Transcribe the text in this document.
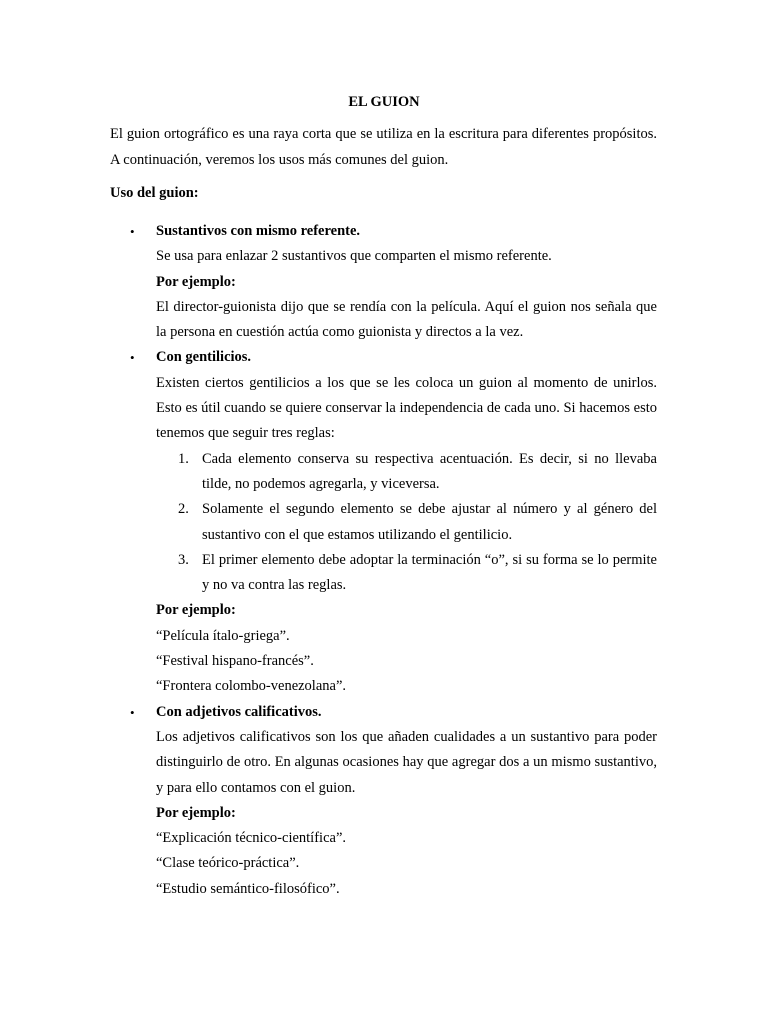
EL GUION

El guion ortográfico es una raya corta que se utiliza en la escritura para diferentes propósitos. A continuación, veremos los usos más comunes del guion.

Uso del guion:

• Sustantivos con mismo referente.
Se usa para enlazar 2 sustantivos que comparten el mismo referente.
Por ejemplo:
El director-guionista dijo que se rendía con la película. Aquí el guion nos señala que la persona en cuestión actúa como guionista y directos a la vez.
• Con gentilicios.
Existen ciertos gentilicios a los que se les coloca un guion al momento de unirlos. Esto es útil cuando se quiere conservar la independencia de cada uno. Si hacemos esto tenemos que seguir tres reglas:
1. Cada elemento conserva su respectiva acentuación. Es decir, si no llevaba tilde, no podemos agregarla, y viceversa.
2. Solamente el segundo elemento se debe ajustar al número y al género del sustantivo con el que estamos utilizando el gentilicio.
3. El primer elemento debe adoptar la terminación “o”, si su forma se lo permite y no va contra las reglas.
Por ejemplo:
“Película ítalo-griega”.
“Festival hispano-francés”.
“Frontera colombo-venezolana”.
• Con adjetivos calificativos.
Los adjetivos calificativos son los que añaden cualidades a un sustantivo para poder distinguirlo de otro. En algunas ocasiones hay que agregar dos a un mismo sustantivo, y para ello contamos con el guion.
Por ejemplo:
“Explicación técnico-científica”.
“Clase teórico-práctica”.
“Estudio semántico-filosófico”.
